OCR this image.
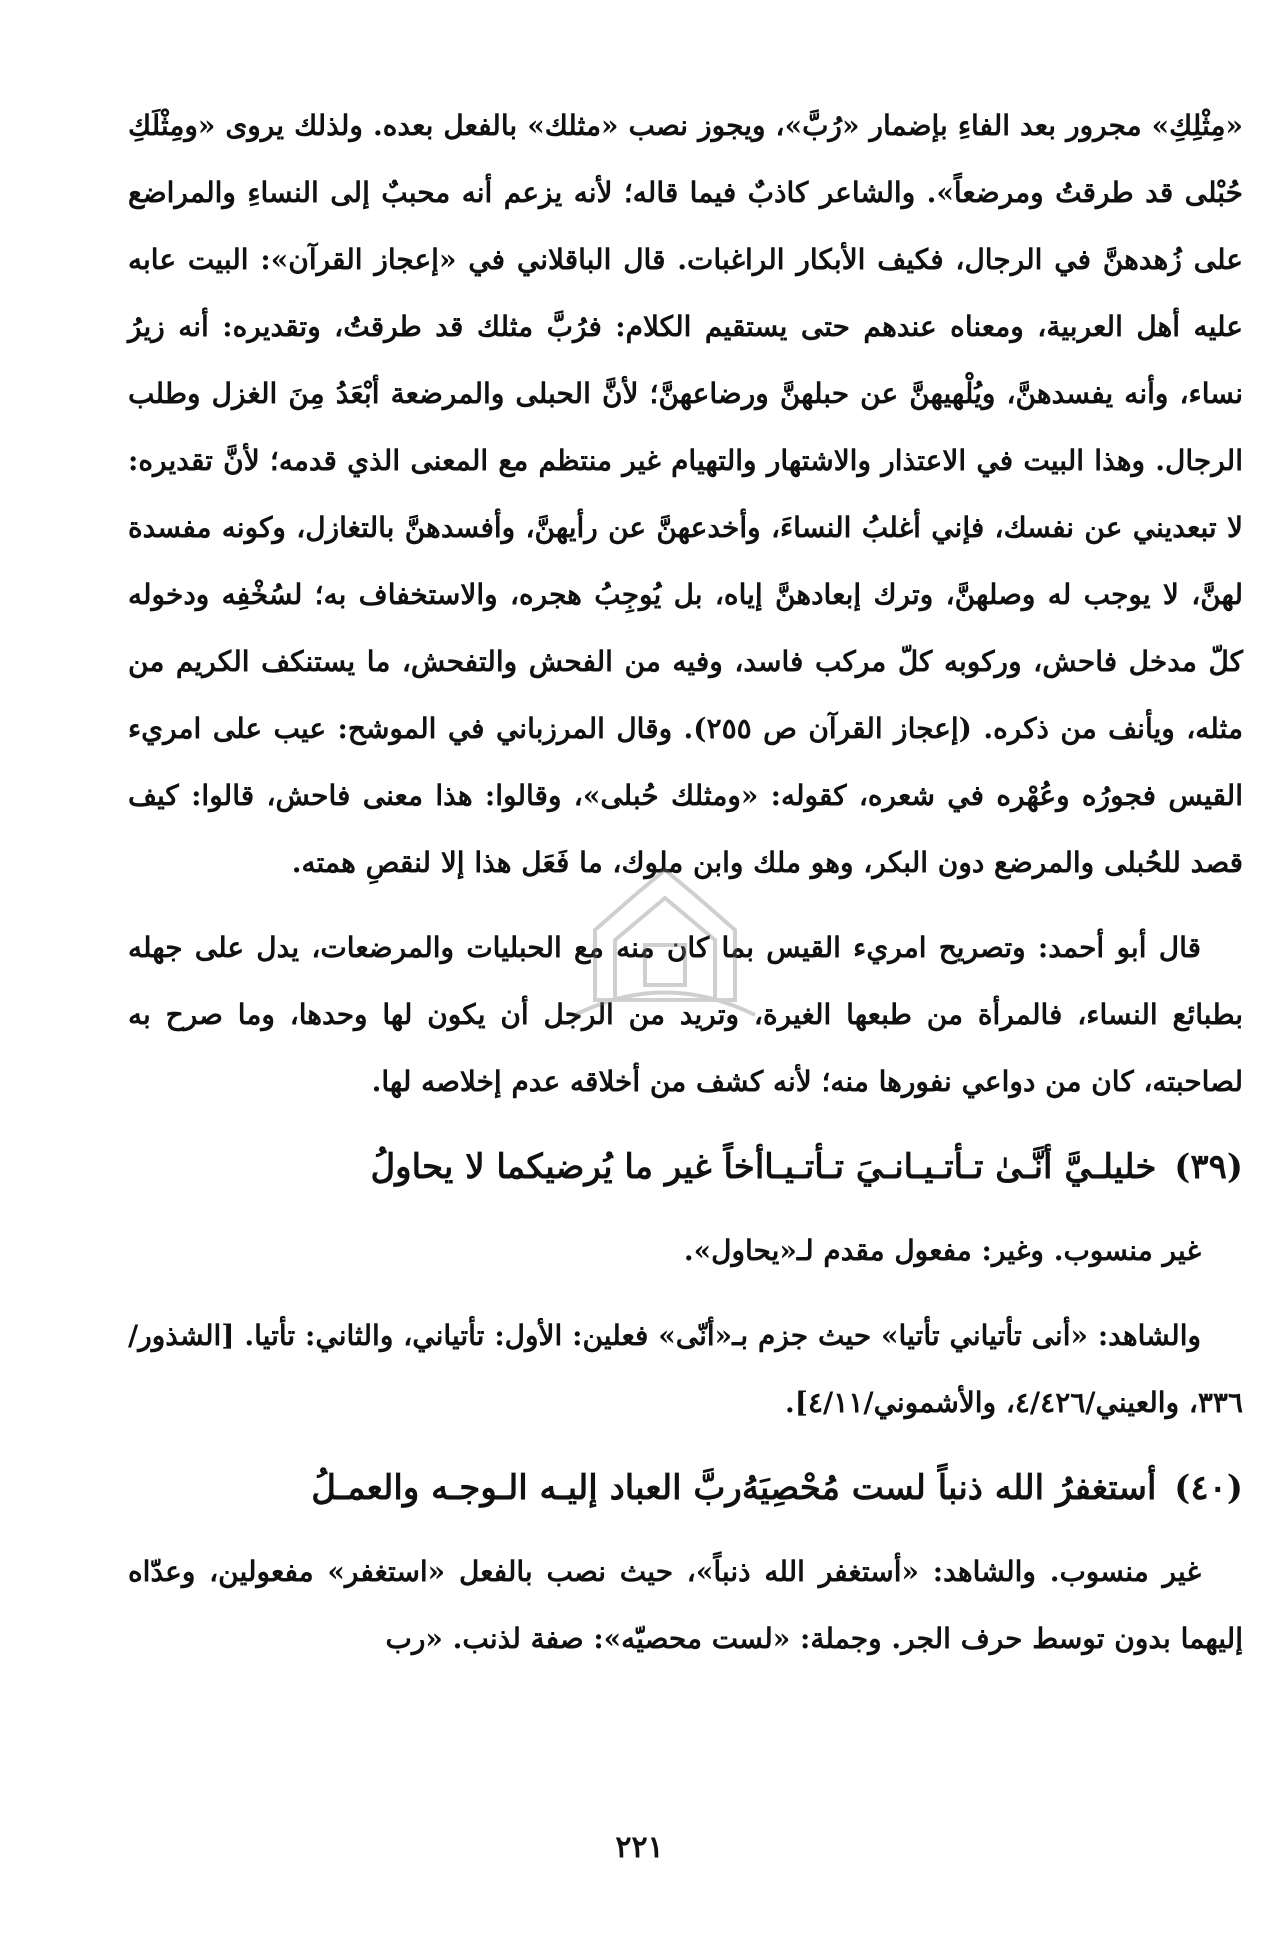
«مِثْلِكِ» مجرور بعد الفاءِ بإضمار «رُبَّ»، ويجوز نصب «مثلك» بالفعل بعده. ولذلك يروى «ومِثْلَكِ حُبْلى قد طرقتُ ومرضعاً». والشاعر كاذبٌ فيما قاله؛ لأنه يزعم أنه محببٌ إلى النساءِ والمراضع على زُهدهنَّ في الرجال، فكيف الأبكار الراغبات. قال الباقلاني في «إعجاز القرآن»: البيت عابه عليه أهل العربية، ومعناه عندهم حتى يستقيم الكلام: فرُبَّ مثلك قد طرقتُ، وتقديره: أنه زيرُ نساء، وأنه يفسدهنَّ، ويُلْهيهنَّ عن حبلهنَّ ورضاعهنَّ؛ لأنَّ الحبلى والمرضعة أبْعَدُ مِنَ الغزل وطلب الرجال. وهذا البيت في الاعتذار والاشتهار والتهيام غير منتظم مع المعنى الذي قدمه؛ لأنَّ تقديره: لا تبعديني عن نفسك، فإني أغلبُ النساءَ، وأخدعهنَّ عن رأيهنَّ، وأفسدهنَّ بالتغازل، وكونه مفسدة لهنَّ، لا يوجب له وصلهنَّ، وترك إبعادهنَّ إياه، بل يُوجِبُ هجره، والاستخفاف به؛ لسُخْفِه ودخوله كلّ مدخل فاحش، وركوبه كلّ مركب فاسد، وفيه من الفحش والتفحش، ما يستنكف الكريم من مثله، ويأنف من ذكره. (إعجاز القرآن ص ٢٥٥). وقال المرزباني في الموشح: عيب على امريء القيس فجورُه وعُهْره في شعره، كقوله: «ومثلك حُبلى»، وقالوا: هذا معنى فاحش، قالوا: كيف قصد للحُبلى والمرضع دون البكر، وهو ملك وابن ملوك، ما فَعَل هذا إلا لنقصِ همته.

قال أبو أحمد: وتصريح امريء القيس بما كان منه مع الحبليات والمرضعات، يدل على جهله بطبائع النساء، فالمرأة من طبعها الغيرة، وتريد من الرجل أن يكون لها وحدها، وما صرح به لصاحبته، كان من دواعي نفورها منه؛ لأنه كشف من أخلاقه عدم إخلاصه لها.

(٣٩) خليلـيَّ أنَّـىٰ تـأتـيـانـيَ تـأتـيـا
أخاً غير ما يُرضيكما لا يحاولُ

غير منسوب. وغير: مفعول مقدم لـ«يحاول».

والشاهد: «أنى تأتياني تأتيا» حيث جزم بـ«أنّى» فعلين: الأول: تأتياني، والثاني: تأتيا. [الشذور/٣٣٦، والعيني/٤/٤٢٦، والأشموني/٤/١١].

(٤٠) أستغفرُ الله ذنباً لست مُحْصِيَهُ
ربَّ العباد إليـه الـوجـه والعمـلُ

غير منسوب. والشاهد: «أستغفر الله ذنباً»، حيث نصب بالفعل «استغفر» مفعولين، وعدّاه إليهما بدون توسط حرف الجر. وجملة: «لست محصيّه»: صفة لذنب. «رب

٢٢١
